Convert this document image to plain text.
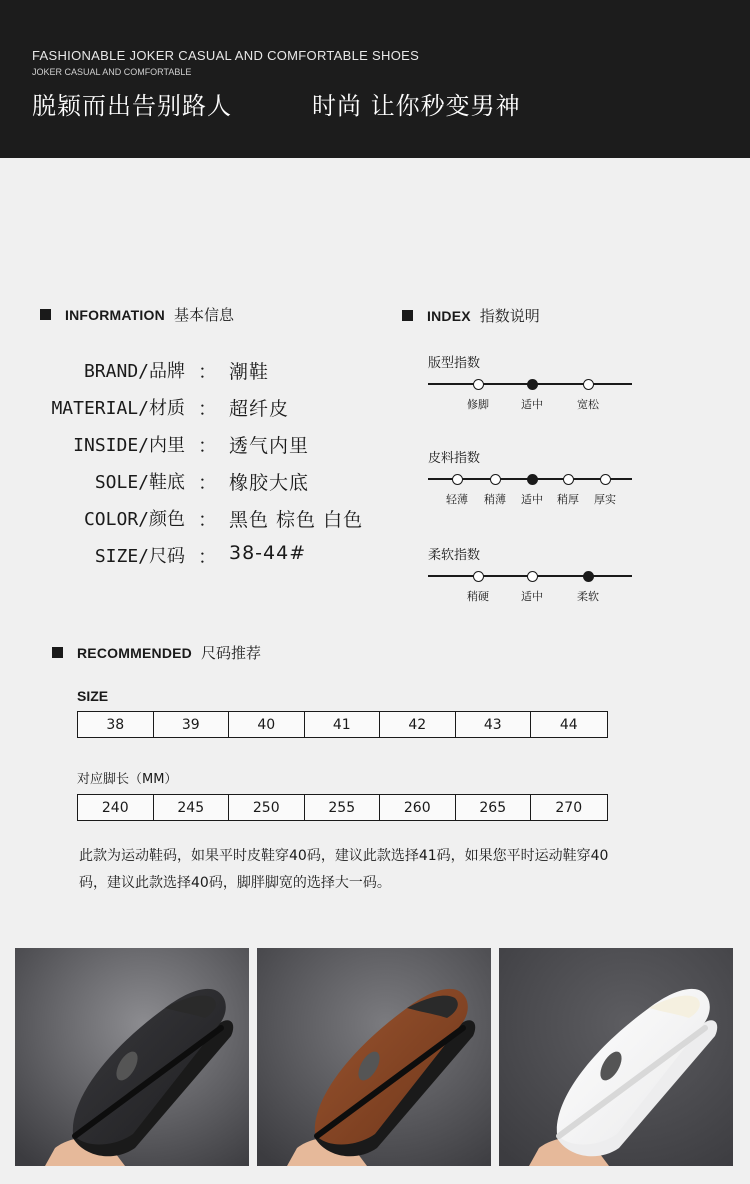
FASHIONABLE JOKER CASUAL AND COMFORTABLE SHOES
JOKER CASUAL AND COMFORTABLE
脱颖而出告别路人	时尚 让你秒变男神
INFORMATION 基本信息
BRAND/品牌 ： 潮鞋
MATERIAL/材质 ： 超纤皮
INSIDE/内里 ： 透气内里
SOLE/鞋底 ： 橡胶大底
COLOR/颜色 ： 黑色 棕色 白色
SIZE/尺码 ： 38-44#
INDEX 指数说明
版型指数
修脚	适中	宽松
皮料指数
轻薄	稍薄	适中	稍厚	厚实
柔软指数
稍硬	适中	柔软
RECOMMENDED 尺码推荐
SIZE
38	39	40	41	42	43	44
对应脚长（MM）
240	245	250	255	260	265	270
此款为运动鞋码，如果平时皮鞋穿40码，建议此款选择41码，如果您平时运动鞋穿40
码，建议此款选择40码，脚胖脚宽的选择大一码。
